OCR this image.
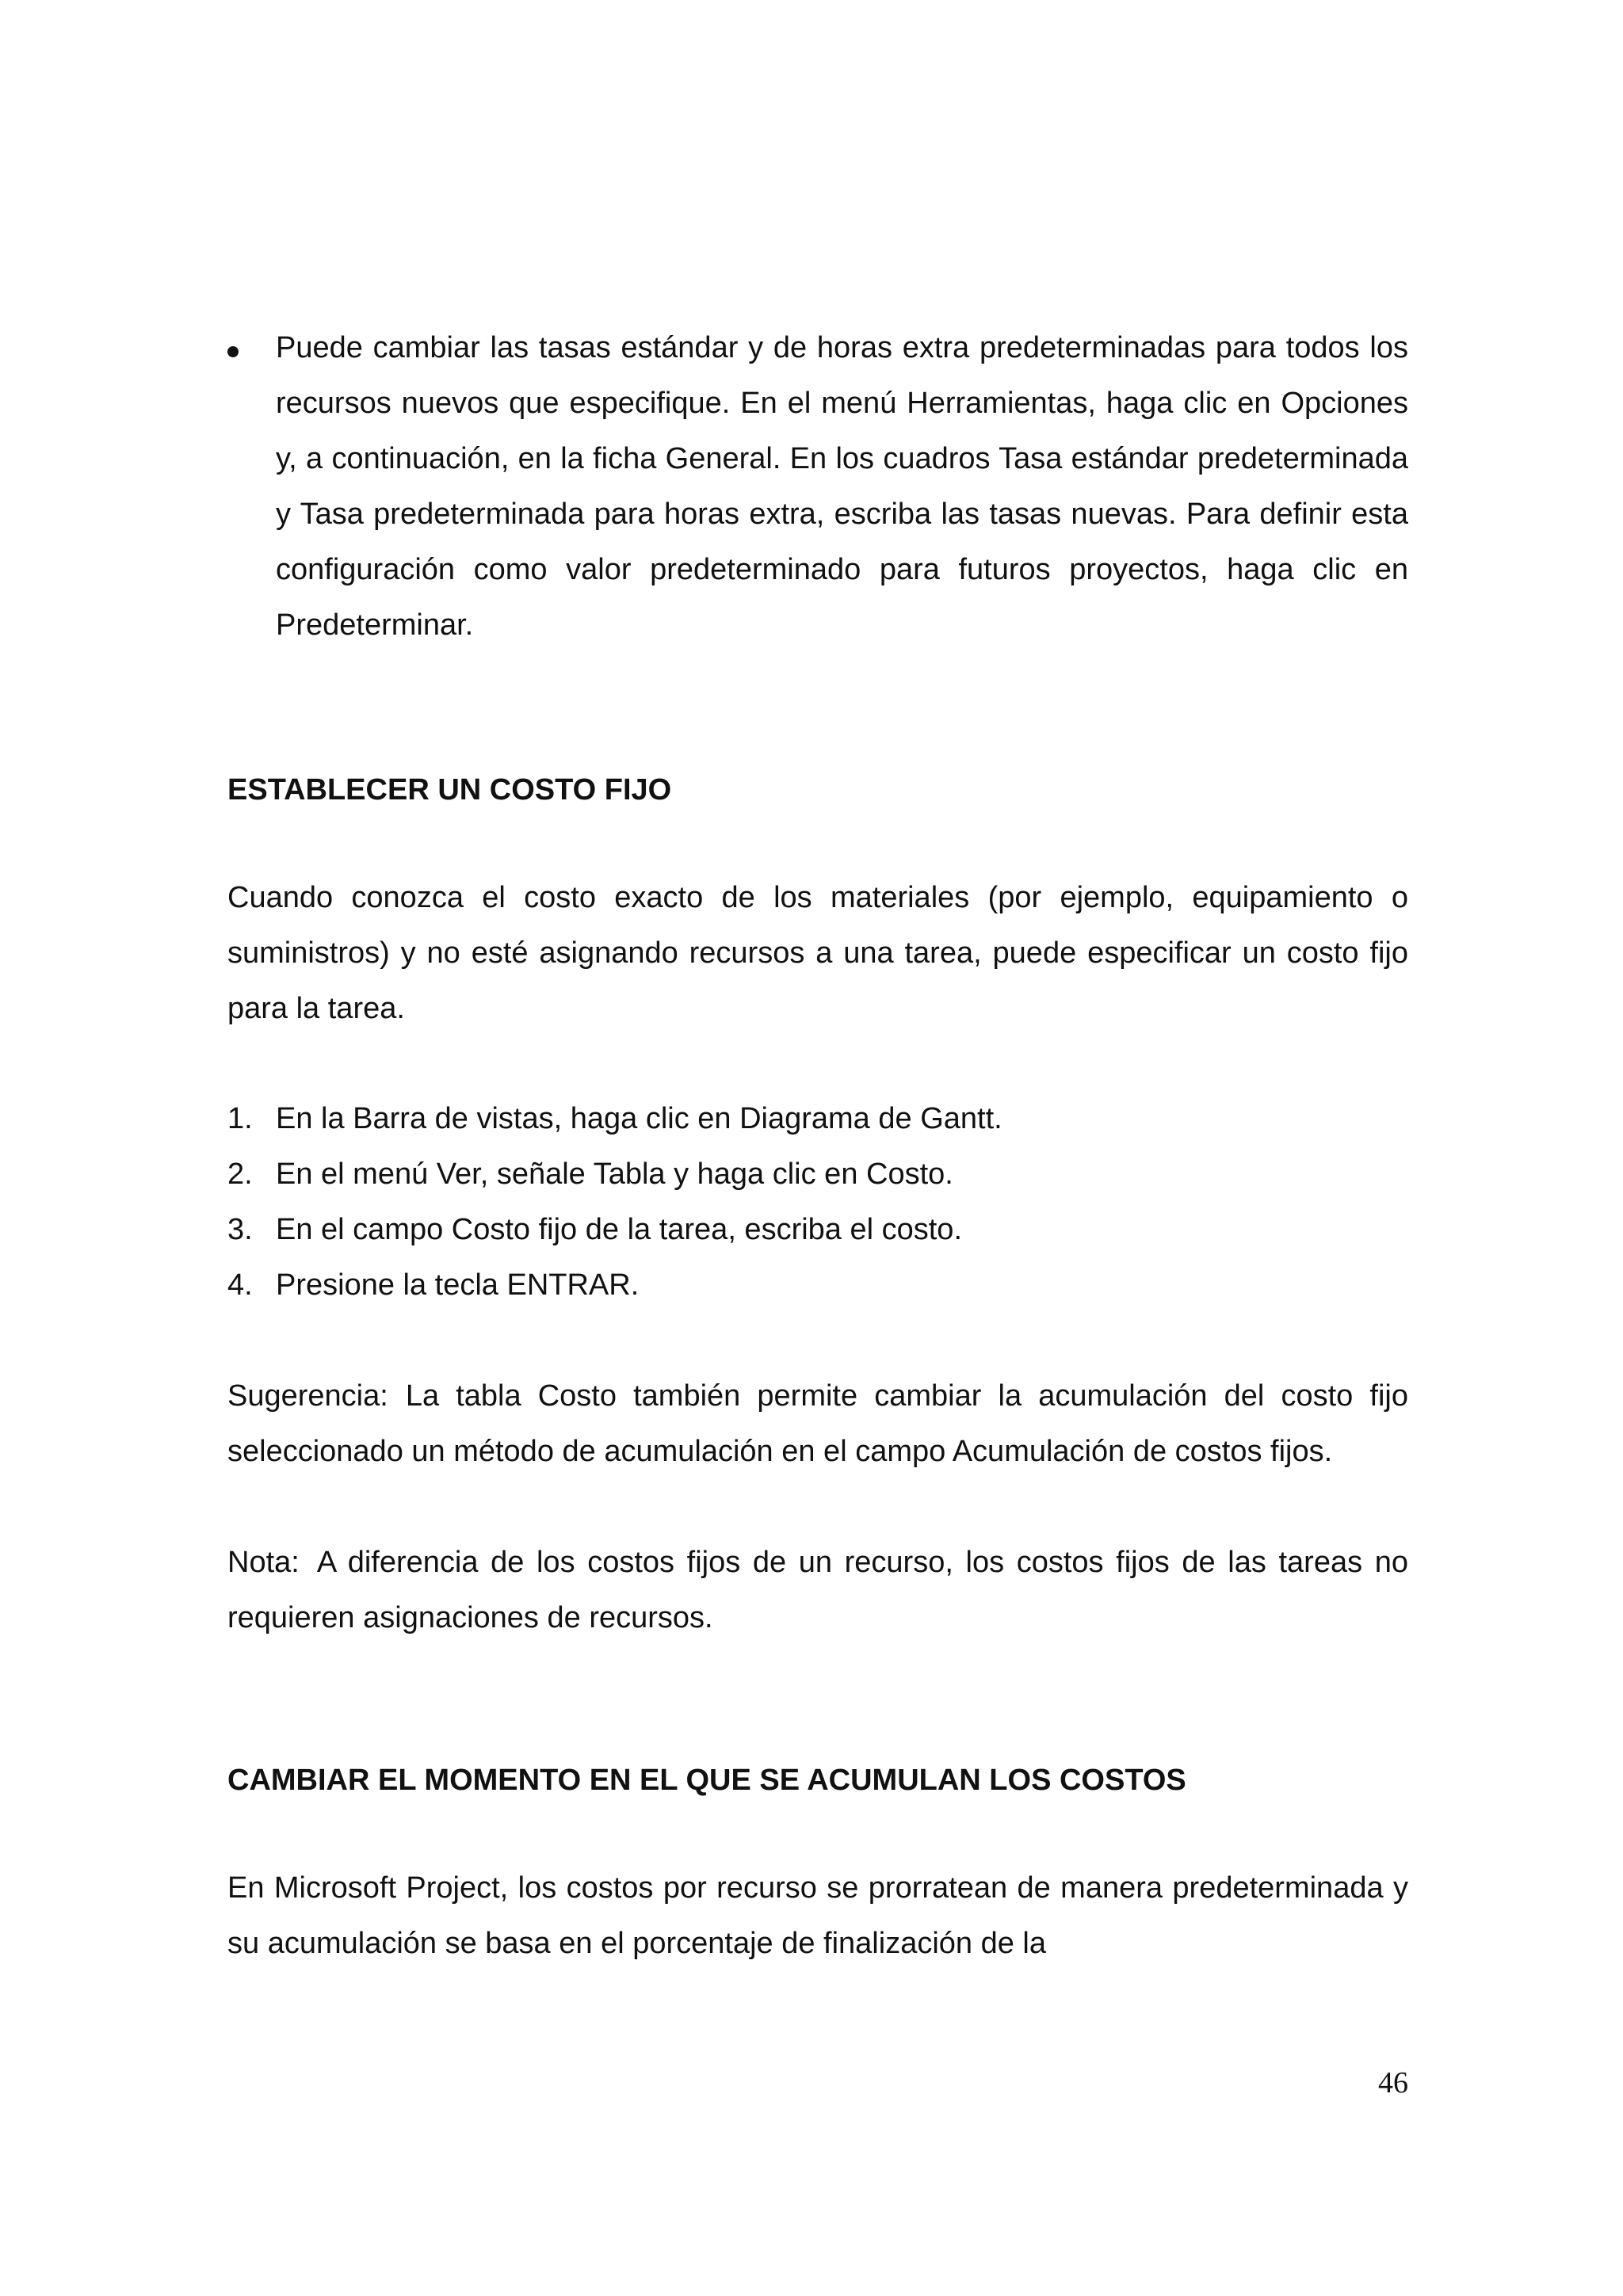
Puede cambiar las tasas estándar y de horas extra predeterminadas para todos los recursos nuevos que especifique. En el menú Herramientas, haga clic en Opciones y, a continuación, en la ficha General. En los cuadros Tasa estándar predeterminada y Tasa predeterminada para horas extra, escriba las tasas nuevas. Para definir esta configuración como valor predeterminado para futuros proyectos, haga clic en Predeterminar.

ESTABLECER UN COSTO FIJO

Cuando conozca el costo exacto de los materiales (por ejemplo, equipamiento o suministros) y no esté asignando recursos a una tarea, puede especificar un costo fijo para la tarea.

1. En la Barra de vistas, haga clic en Diagrama de Gantt.
2. En el menú Ver, señale Tabla y haga clic en Costo.
3. En el campo Costo fijo de la tarea, escriba el costo.
4. Presione la tecla ENTRAR.

Sugerencia: La tabla Costo también permite cambiar la acumulación del costo fijo seleccionado un método de acumulación en el campo Acumulación de costos fijos.

Nota: A diferencia de los costos fijos de un recurso, los costos fijos de las tareas no requieren asignaciones de recursos.

CAMBIAR EL MOMENTO EN EL QUE SE ACUMULAN LOS COSTOS

En Microsoft Project, los costos por recurso se prorratean de manera predeterminada y su acumulación se basa en el porcentaje de finalización de la

46
